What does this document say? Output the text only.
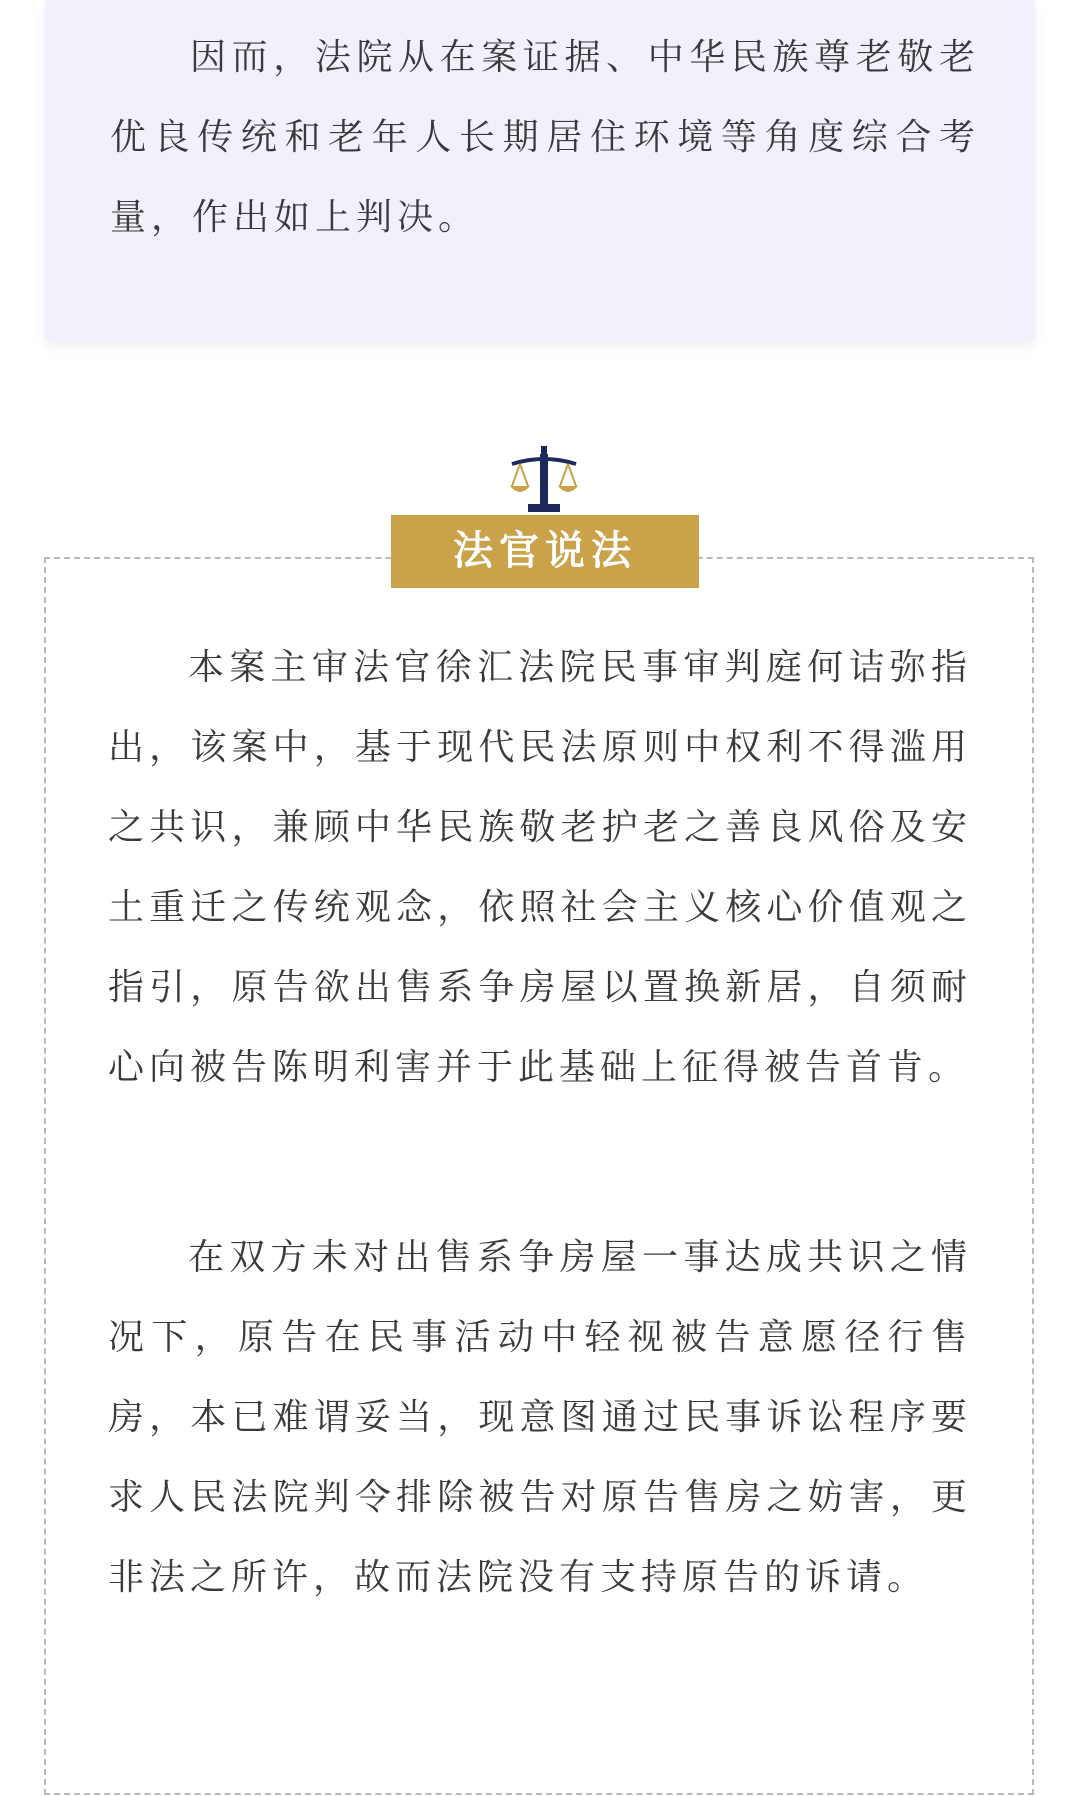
因而，法院从在案证据、中华民族尊老敬老优良传统和老年人长期居住环境等角度综合考量，作出如上判决。

法官说法

本案主审法官徐汇法院民事审判庭何诘弥指出，该案中，基于现代民法原则中权利不得滥用之共识，兼顾中华民族敬老护老之善良风俗及安土重迁之传统观念，依照社会主义核心价值观之指引，原告欲出售系争房屋以置换新居，自须耐心向被告陈明利害并于此基础上征得被告首肯。

在双方未对出售系争房屋一事达成共识之情况下，原告在民事活动中轻视被告意愿径行售房，本已难谓妥当，现意图通过民事诉讼程序要求人民法院判令排除被告对原告售房之妨害，更非法之所许，故而法院没有支持原告的诉请。
